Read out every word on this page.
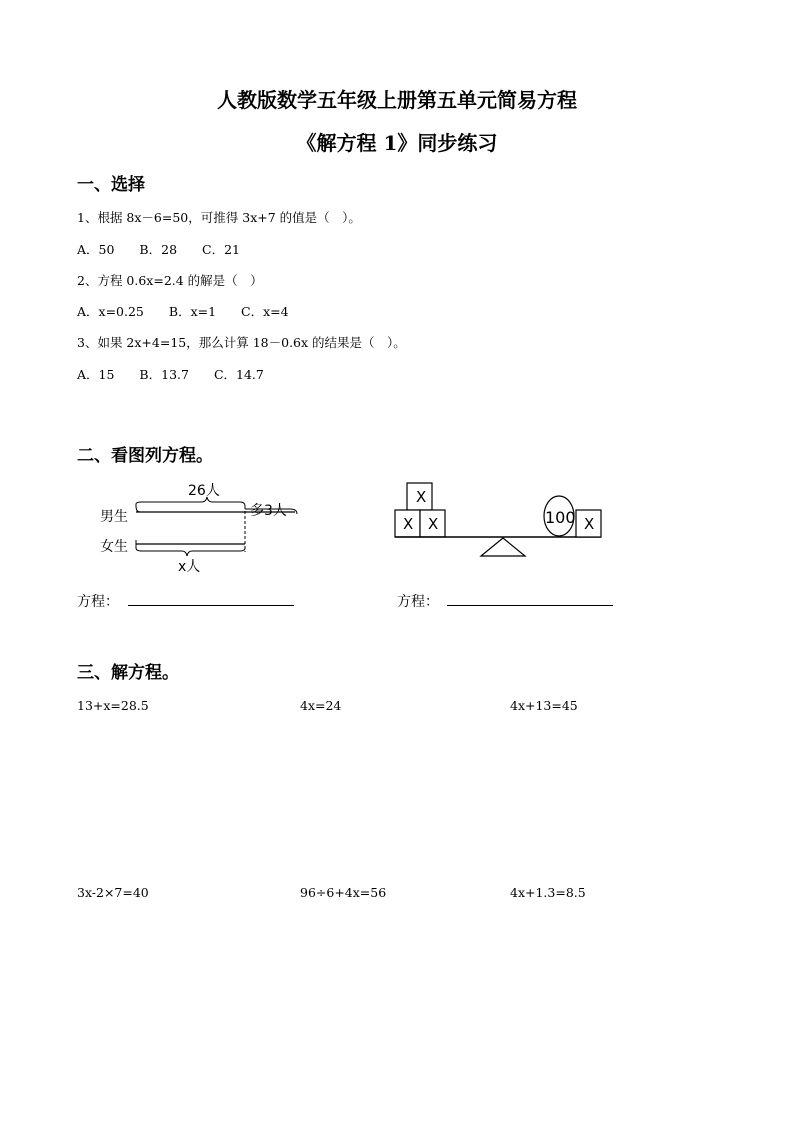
人教版数学五年级上册第五单元简易方程
《解方程 1》同步练习
一、选择
1、根据 8x－6=50，可推得 3x+7 的值是（　）。
A．50　　B．28　　C．21
2、方程 0.6x=2.4 的解是（　）
A．x=0.25　　B．x=1　　C．x=4
3、如果 2x+4=15，那么计算 18－0.6x 的结果是（　）。
A．15　　B．13.7　　C．14.7
二、看图列方程。
26人
多3人
男生
女生
x人
X
X X	100 X
方程：	方程：
三、解方程。
13+x=28.5	4x=24	4x+13=45
3x-2×7=40	96÷6+4x=56	4x+1.3=8.5
